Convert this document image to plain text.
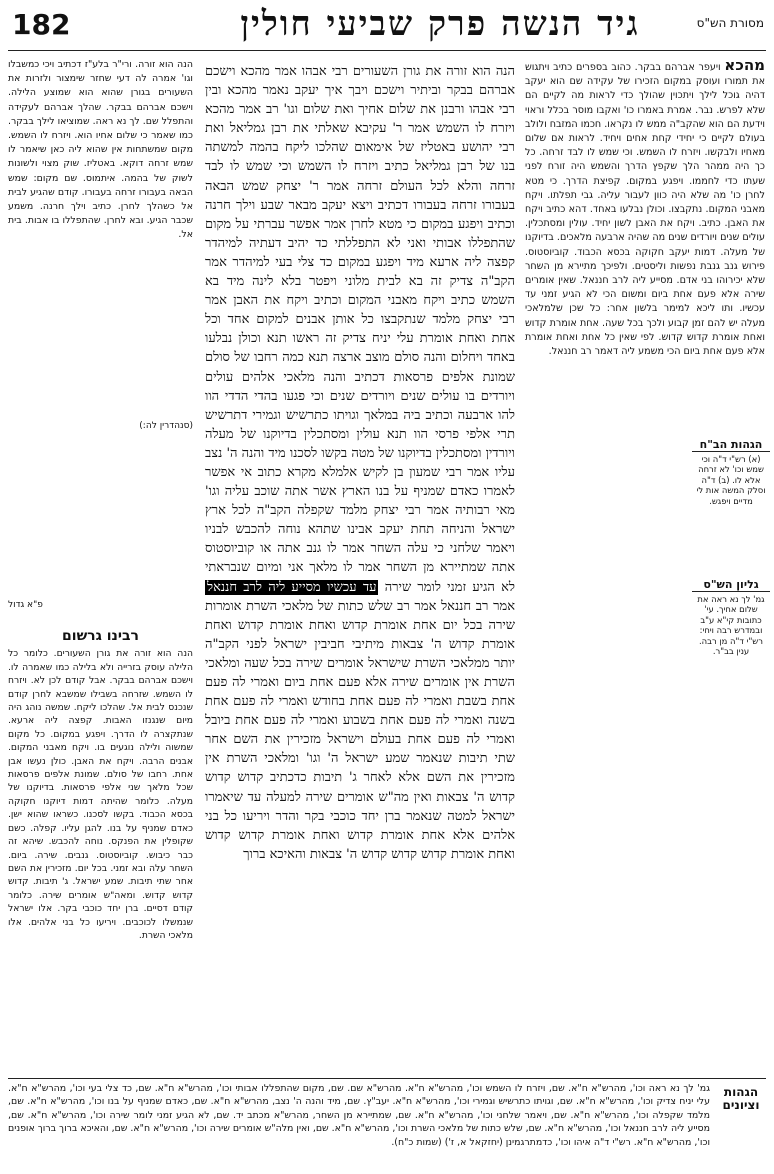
182	גיד הנשה פרק שביעי חולין	מסורת הש"ס

מהכא ויעפר אברהם בבקר. כהוב בספרים כתיב ויתגוש את תמורו ועוסק במקום הזכירו של עקידה שם הוא יעקב דהיה גוכל לילך ויתכוין שהולך כדי לראות מה לקיים הם שלא לפרש. נבר. אמרת באמרו כו' ואקבו מוסר בכלל וראוי וידעת הם הוא שהקב"ה ממש לו נקראו. חכמו המזבח ולולב בעולם לקיים כי יחידי קחת אחים ויחיד. לראות אם שלום מאחיו ולבקשו. ויזרח לו השמש. וכי שמש לו לבד זרחה. כל כך היה ממהר הלך שקפץ הדרך והשמש היה זורח לפני שעתו כדי לחממו. ויפגע במקום. קפיצת הדרך. כי מטא לחרן כו' מה שלא היה כוון לעבור עליה. גבי תפלתו. ויקח מאבני המקום. נתקבצו. וכולן נבלעו באחד. דהא כתיב ויקח את האבן. כתיב. ויקח את האבן לשון יחיד. עולין ומסתכלין. עולים שנים ויורדים שנים מה שהיה ארבעה מלאכים. בדיוקנו של מעלה. דמות יעקב חקוקה בכסא הכבוד. קוביוסטוס. פירוש גנב גנבת נפשות וליסטים. ולפיכך מתיירא מן השחר שלא יכירוהו בני אדם. מסייע ליה לרב חננאל. שאין אומרים שירה אלא פעם אחת ביום ומשום הכי לא הגיע זמני עד עכשיו. ותו ליכא למימר בלשון אחר: כל שכן שלמלאכי מעלה יש להם זמן קבוע ולכך בכל שעה. אחת אומרת קדוש ואחת אומרת קדוש קדוש. לפי שאין כל אחת ואחת אומרת אלא פעם אחת ביום הכי משמע ליה דאמר רב חננאל.

הנה הוא זורה את גורן השעורים רבי אבהו אמר מהכא וישכם אברהם בבקר וביתיר וישכם ויבך איך יעקב נאמר מהכא ובין רבי אבהו ורבנן את שלום אחיך ואת שלום וגו' רב אמר מהכא ויזרח לו השמש אמר ר' עקיבא שאלתי את רבן גמליאל ואת רבי יהושע באטליז של אימאום שהלכו ליקח בהמה למשתה בנו של רבן גמליאל כתיב ויזרח לו השמש וכי שמש לו לבד זרחה והלא לכל העולם זרחה אמר ר' יצחק שמש הבאה בעבורו זרחה בעבורו דכתיב ויצא יעקב מבאר שבע וילך חרנה וכתיב ויפגע במקום כי מטא לחרן אמר אפשר עברתי על מקום שהתפללו אבותי ואני לא התפללתי כד יהיב דעתיה למיהדר קפצה ליה ארעא מיד ויפגע במקום כד צלי בעי למיהדר אמר הקב"ה צדיק זה בא לבית מלוני ויפטר בלא לינה מיד בא השמש כתיב ויקח מאבני המקום וכתיב ויקח את האבן אמר רבי יצחק מלמד שנתקבצו כל אותן אבנים למקום אחד וכל אחת ואחת אומרת עלי יניח צדיק זה ראשו תנא וכולן נבלעו באחד ויחלום והנה סולם מוצב ארצה תנא כמה רחבו של סולם שמונת אלפים פרסאות דכתיב והנה מלאכי אלהים עולים ויורדים בו עולים שנים ויורדים שנים וכי פגעו בהדי הדדי הוו להו ארבעה וכתיב ביה במלאך וגויתו כתרשיש וגמירי דתרשיש תרי אלפי פרסי הוו תנא עולין ומסתכלין בדיוקנו של מעלה ויורדין ומסתכלין בדיוקנו של מטה בקשו לסכנו מיד והנה ה' נצב עליו אמר רבי שמעון בן לקיש אלמלא מקרא כתוב אי אפשר לאמרו כאדם שמניף על בנו הארץ אשר אתה שוכב עליה וגו' מאי רבותיה אמר רבי יצחק מלמד שקפלה הקב"ה לכל ארץ ישראל והניחה תחת יעקב אבינו שתהא נוחה להכבש לבניו ויאמר שלחני כי עלה השחר אמר לו גנב אתה או קוביוסטוס אתה שמתיירא מן השחר אמר לו מלאך אני ומיום שנבראתי לא הגיע זמני לומר שירה עד עכשיו מסייע ליה לרב חננאל אמר רב חננאל אמר רב שלש כתות של מלאכי השרת אומרות שירה בכל יום אחת אומרת קדוש ואחת אומרת קדוש ואחת אומרת קדוש ה' צבאות מיתיבי חביבין ישראל לפני הקב"ה יותר ממלאכי השרת שישראל אומרים שירה בכל שעה ומלאכי השרת אין אומרים שירה אלא פעם אחת ביום ואמרי לה פעם אחת בשבת ואמרי לה פעם אחת בחודש ואמרי לה פעם אחת בשנה ואמרי לה פעם אחת בשבוע ואמרי לה פעם אחת ביובל ואמרי לה פעם אחת בעולם וישראל מזכירין את השם אחר שתי תיבות שנאמר שמע ישראל ה' וגו' ומלאכי השרת אין מזכירין את השם אלא לאחר ג' תיבות כדכתיב קדוש קדוש קדוש ה' צבאות ואין מה"ש אומרים שירה למעלה עד שיאמרו ישראל למטה שנאמר ברן יחד כוכבי בקר והדר ויריעו כל בני אלהים אלא אחת אומרת קדוש ואחת אומרת קדוש קדוש ואחת אומרת קדוש קדוש קדוש ה' צבאות והאיכא ברוך

הנה הוא זורה. ורי"ר בלע"ז דכתיב ויכי כמשבלו וגו' אמרה לה דעי שחזר שימצור ולזרות את השעורים בגורן שהוא הוא שמוצע הלילה. וישכם אברהם בבקר. שהלך אברהם לעקידה והתפלל שם. לך נא ראה. שמוציאו לילך בבקר. כמו שאמר כי שלום אחיו הוא. ויזרח לו השמש. מקום שמשתחות אין שהוא ליה כאן שיאמר לו שמש זרחה דוקא. באטליז. שוק מצוי ולשונות לשוק של בהמה. איתמוס. שם מקום: שמש הבאה בעבורו זרחה בעבורו. קודם שהגיע לבית אל כשהלך לחרן. כתיב וילך חרנה. משמע שכבר הגיע. ובא לחרן. שהתפללו בו אבות. בית אל.

(סנהדרין לה:)
פ"א גדול
רבינו גרשום

הנה הוא זורה את גורן השעורים. כלומר כל הלילה עוסק בזרייה ולא בלילה כמו שאמרה לו. וישכם אברהם בבקר. אבל קודם לכן לא. ויזרח לו השמש. שזרחה בשבילו שמשבא לחרן קודם שנכנס לבית אל. שהלכו ליקח. שמשה נוהג היה מיום שנגנזו האבות. קפצה ליה ארעא. שנתקצרה לו הדרך. ויפגע במקום. כל מקום שמשוה ולילה נוגעים בו. ויקח מאבני המקום. אבנים הרבה. ויקח את האבן. כולן נעשו אבן אחת. רחבו של סולם. שמונת אלפים פרסאות שכל מלאך שני אלפי פרסאות. בדיוקנו של מעלה. כלומר שהיתה דמות דיוקנו חקוקה בכסא הכבוד. בקשו לסכנו. כשראו שהוא ישן. כאדם שמניף על בנו. להגן עליו. קפלה. כשם שקופלין את הפנקס. נוחה להכבש. שיהא זה כבר כיבוש. קוביוסטוס. גנבים. שירה. ביום. השחר עלה ובא זמני. בכל יום. מזכירין את השם אחר שתי תיבות. שמע ישראל. ג' תיבות. קדוש קדוש קדוש. ומאה"ש אומרים שירה. כלומר קודם דסיים. ברן יחד כוכבי בקר. אלו ישראל שנמשלו לכוכבים. ויריעו כל בני אלהים. אלו מלאכי השרת.

הגהות הב"ח
(א) רש"י ד"ה וכי שמש וכו' לא זרחה אלא לו. (ב) ד"ה וסלק המשה אות לי מדיים ויפגש.
גליון הש"ס
גמ' לך נא ראה את שלום אחיך. עי' כתובות קי"א ע"ב ובמדרש רבה ויחי: רש"י ד"ה מן רבה. ענין בב"ר.
הגהות וציונים
גמ' לך נא ראה וכו', מהרש"א ח"א. שם, ויזרח לו השמש וכו', מהרש"א ח"א. מהרש"א שם. שם, מקום שהתפללו אבותי וכו', מהרש"א ח"א. שם, כד צלי בעי וכו', מהרש"א ח"א. עלי יניח צדיק וכו', מהרש"א ח"א. שם, וגויתו כתרשיש וגמירי וכו', מהרש"א ח"א. יעב"ץ. שם, מיד והנה ה' נצב, מהרש"א ח"א. שם, כאדם שמניף על בנו וכו', מהרש"א ח"א. שם, מלמד שקפלה וכו', מהרש"א ח"א. שם, ויאמר שלחני וכו', מהרש"א ח"א. שם, שמתיירא מן השחר, מהרש"א מכתב יד. שם, לא הגיע זמני לומר שירה וכו', מהרש"א ח"א. שם, מסייע ליה לרב חננאל וכו', מהרש"א ח"א. שם, שלש כתות של מלאכי השרת וכו', מהרש"א ח"א. שם, ואין מלה"ש אומרים שירה וכו', מהרש"א ח"א. שם, והאיכא ברוך ברוך אופנים וכו', מהרש"א ח"א. רש"י ד"ה איהו וכו', כדמתרגמינן (יחזקאל א, ז') (שמות כ"ח).
